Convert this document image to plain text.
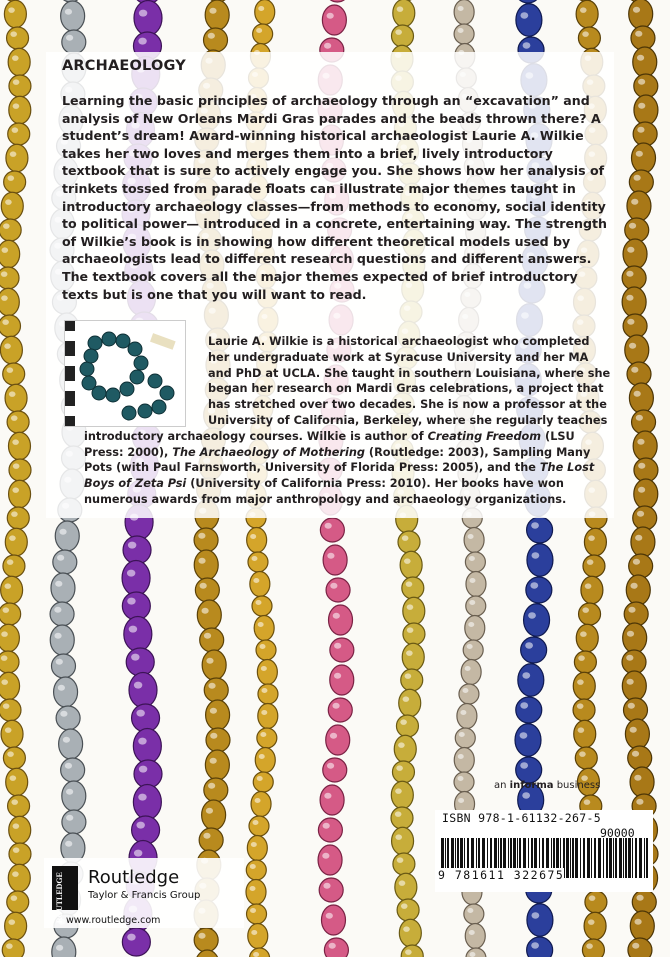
ARCHAEOLOGY

Learning the basic principles of archaeology through an “excavation” and analysis of New Orleans Mardi Gras parades and the beads thrown there? A student’s dream! Award-winning historical archaeologist Laurie A. Wilkie takes her two loves and merges them into a brief, lively introductory textbook that is sure to actively engage you. She shows how her analysis of trinkets tossed from parade floats can illustrate major themes taught in introductory archaeology classes—from methods to economy, social identity to political power— introduced in a concrete, entertaining way. The strength of Wilkie’s book is in showing how different theoretical models used by archaeologists lead to different research questions and different answers. The textbook covers all the major themes expected of brief introductory texts but is one that you will want to read.

Laurie A. Wilkie is a historical archaeologist who completed her undergraduate work at Syracuse University and her MA and PhD at UCLA. She taught in southern Louisiana, where she began her research on Mardi Gras celebrations, a project that has stretched over two decades. She is now a professor at the University of California, Berkeley, where she regularly teaches introductory archaeology courses. Wilkie is author of Creating Freedom (LSU Press: 2000), The Archaeology of Mothering (Routledge: 2003), Sampling Many Pots (with Paul Farnsworth, University of Florida Press: 2005), and the The Lost Boys of Zeta Psi (University of California Press: 2010). Her books have won numerous awards from major anthropology and archaeology organizations.

an informa business
ISBN 978-1-61132-267-5
90000
9 781611 322675
ROUTLEDGE Routledge
Taylor & Francis Group
www.routledge.com
